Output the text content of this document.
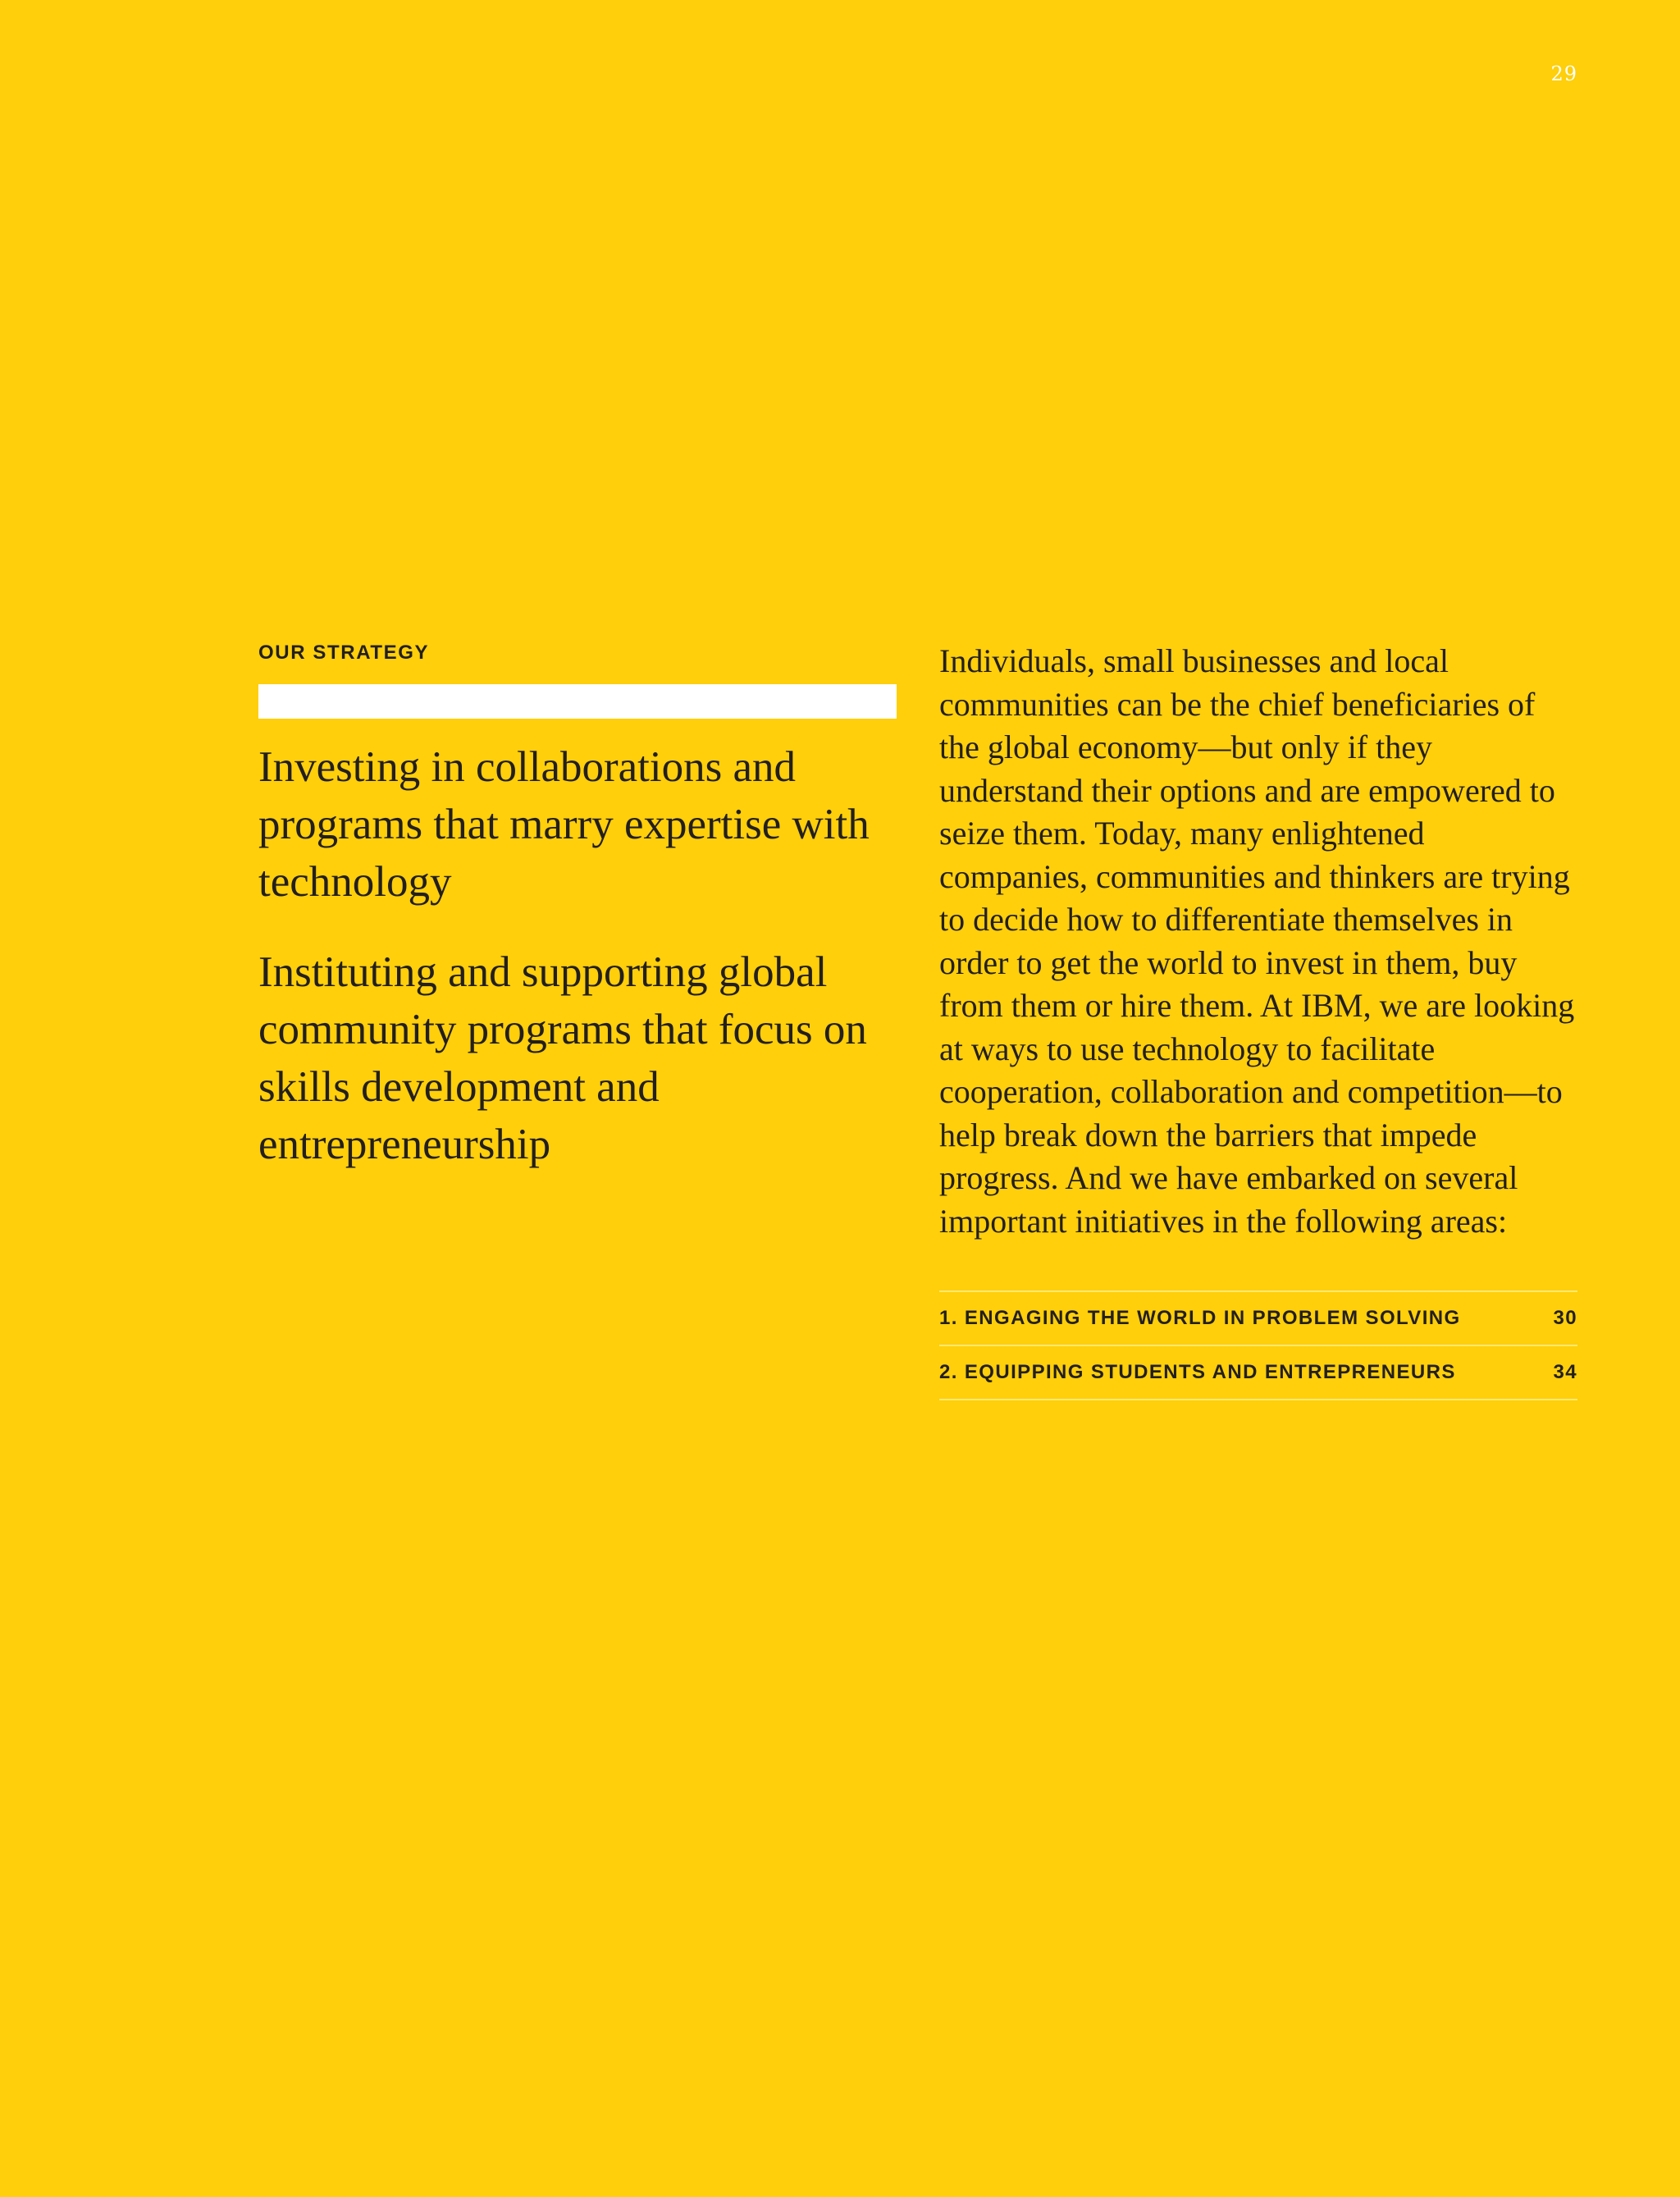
29

OUR STRATEGY

Investing in collaborations and programs that marry expertise with technology

Instituting and supporting global community programs that focus on skills development and entrepreneurship

Individuals, small businesses and local communities can be the chief beneficiaries of the global economy—but only if they understand their options and are empowered to seize them. Today, many enlightened companies, communities and thinkers are trying to decide how to differentiate themselves in order to get the world to invest in them, buy from them or hire them. At IBM, we are looking at ways to use technology to facilitate cooperation, collaboration and competition—to help break down the barriers that impede progress. And we have embarked on several important initiatives in the following areas:

1. ENGAGING THE WORLD IN PROBLEM SOLVING	30
2. EQUIPPING STUDENTS AND ENTREPRENEURS	34
